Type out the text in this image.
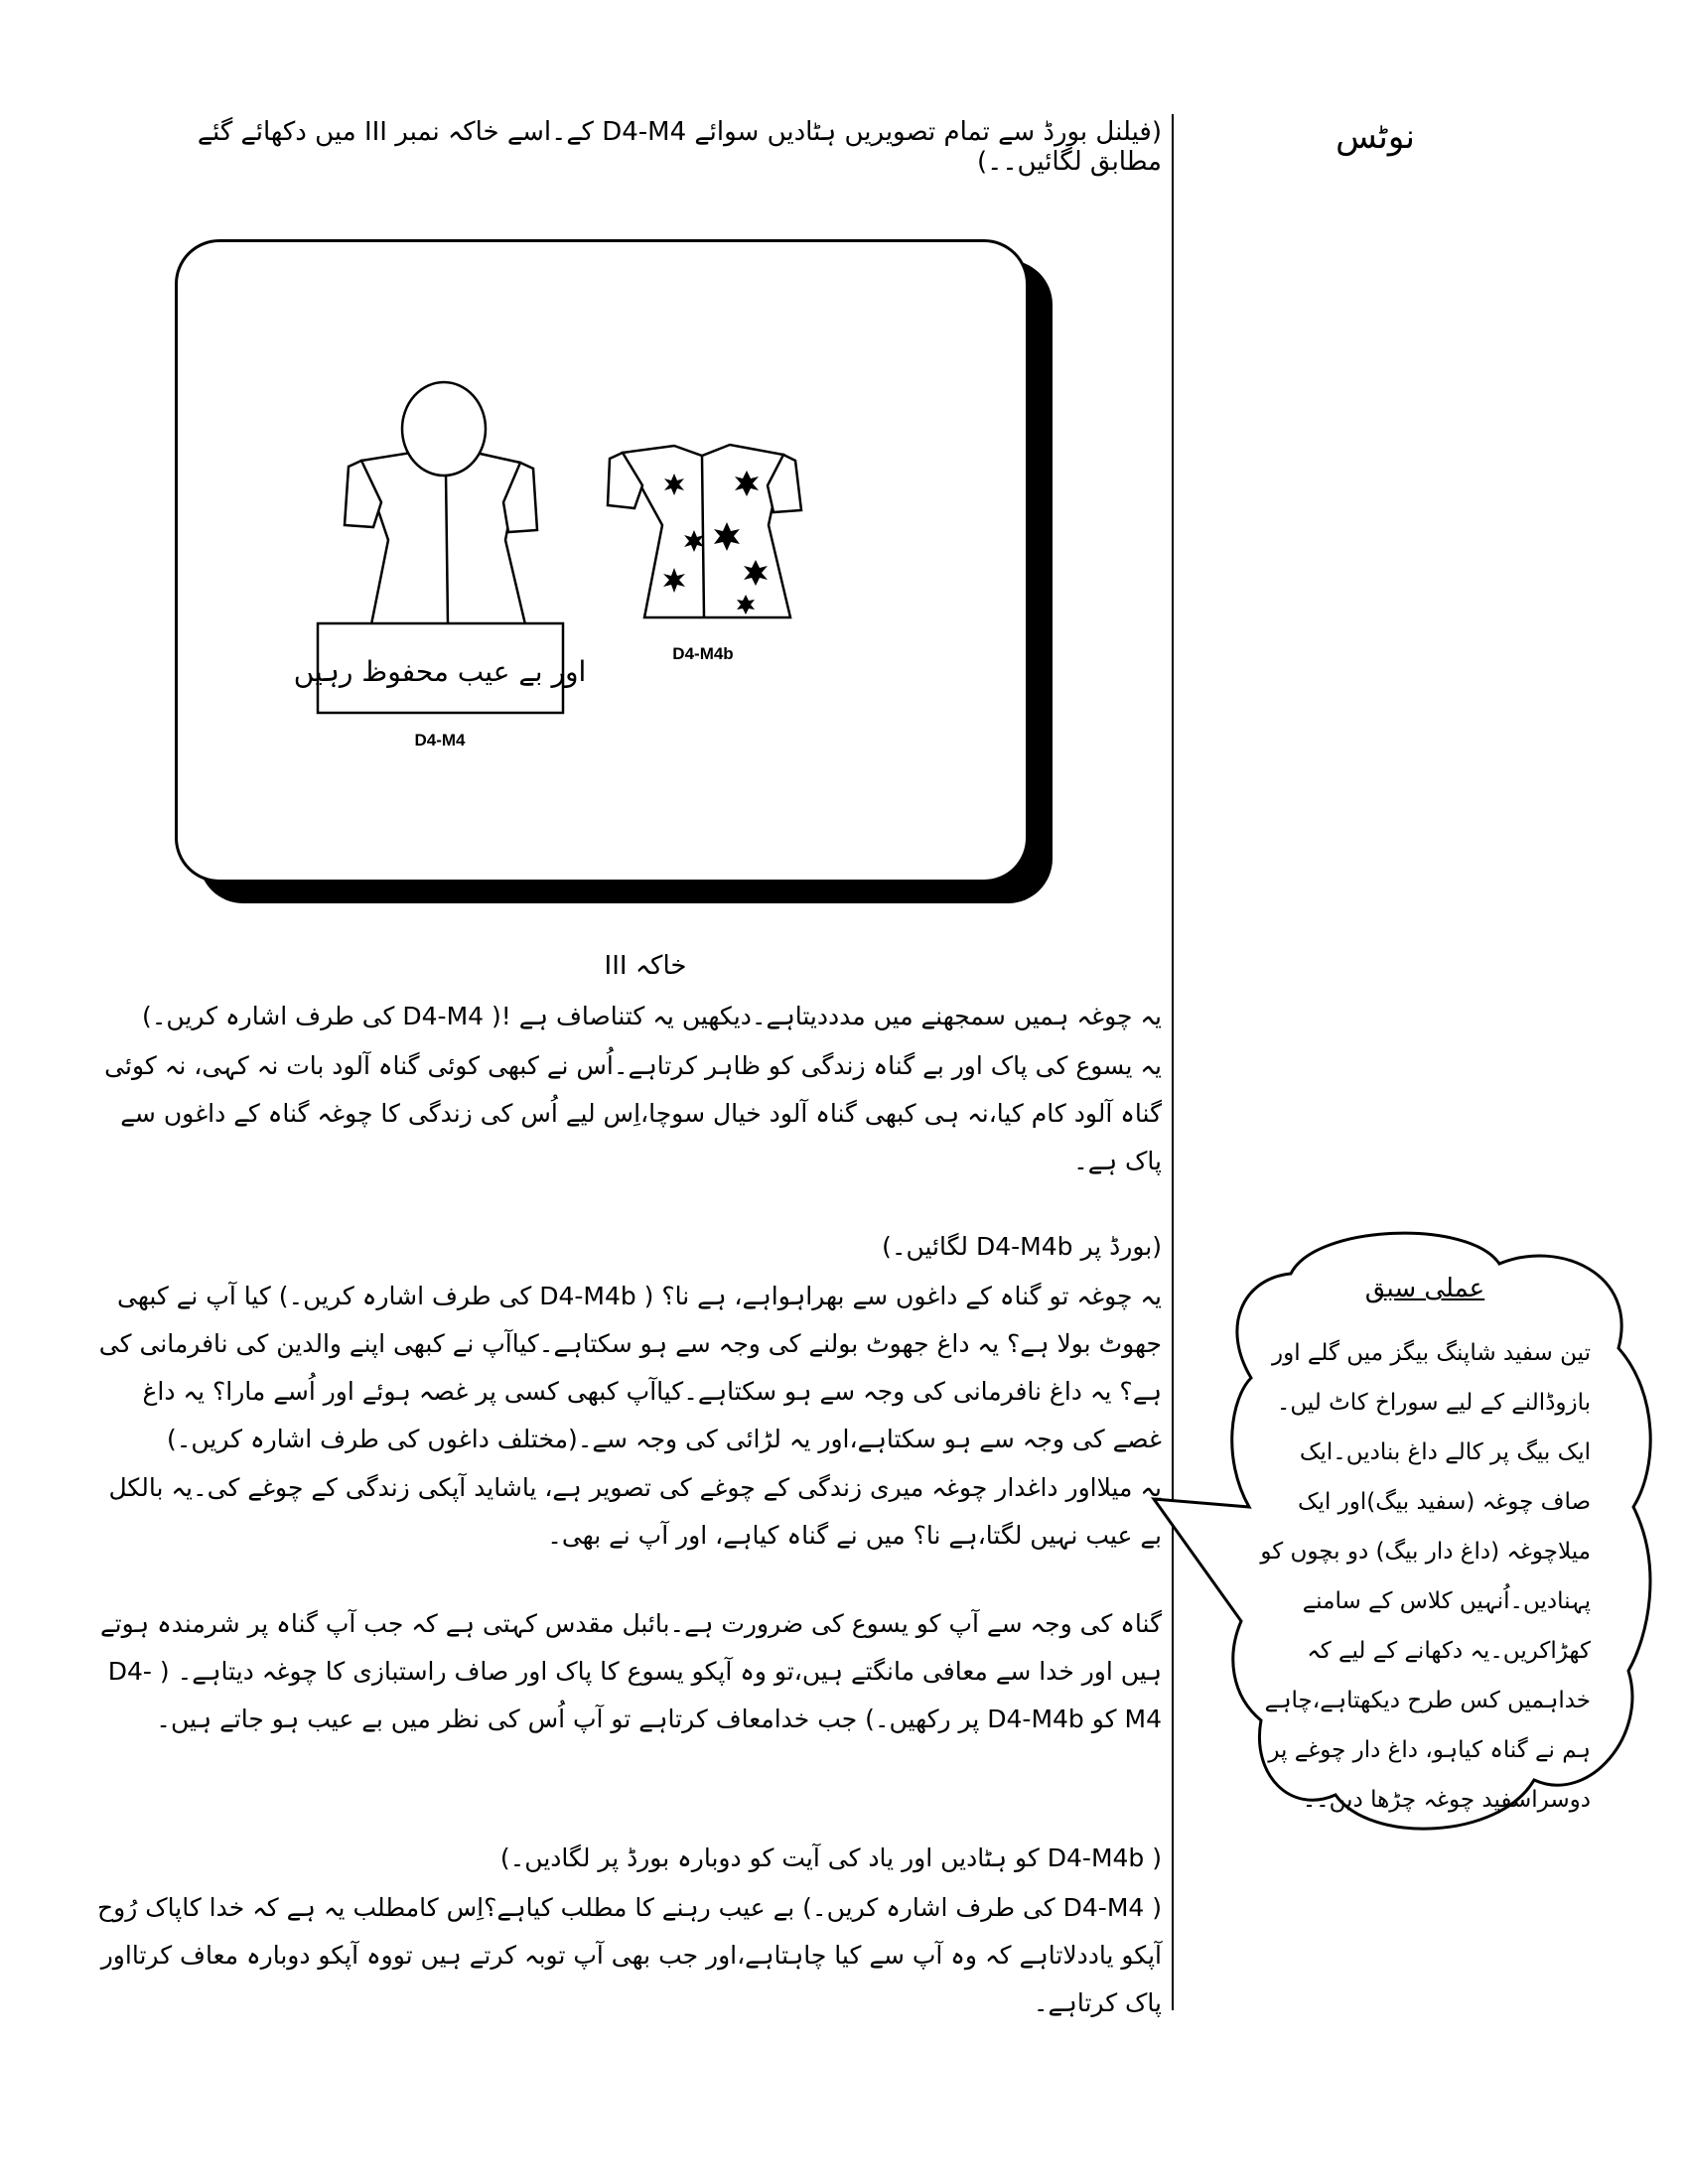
نوٹس
(فیلنل بورڈ سے تمام تصویریں ہٹادیں سوائے D4-M4 کے۔اسے خاکہ نمبر III میں دکھائے گئے مطابق لگائیں۔۔)
اور بے عیب محفوظ رہیں
D4-M4
D4-M4b
خاکہ III
یہ چوغہ ہمیں سمجھنے میں مدددیتاہے۔دیکھیں یہ کتناصاف ہے !( D4-M4 کی طرف اشارہ کریں۔)
یہ یسوع کی پاک اور بے گناہ زندگی کو ظاہر کرتاہے۔اُس نے کبھی کوئی گناہ آلود بات نہ کہی، نہ کوئی گناہ آلود کام کیا،نہ ہی کبھی گناہ آلود خیال سوچا،اِس لیے اُس کی زندگی کا چوغہ گناہ کے داغوں سے پاک ہے۔
(بورڈ پر D4-M4b لگائیں۔)
یہ چوغہ تو گناہ کے داغوں سے بھراہواہے، ہے نا؟ ( D4-M4b کی طرف اشارہ کریں۔) کیا آپ نے کبھی جھوٹ بولا ہے؟ یہ داغ جھوٹ بولنے کی وجہ سے ہو سکتاہے۔کیاآپ نے کبھی اپنے والدین کی نافرمانی کی ہے؟ یہ داغ نافرمانی کی وجہ سے ہو سکتاہے۔کیاآپ کبھی کسی پر غصہ ہوئے اور اُسے مارا؟ یہ داغ غصے کی وجہ سے ہو سکتاہے،اور یہ لڑائی کی وجہ سے۔(مختلف داغوں کی طرف اشارہ کریں۔)
یہ میلااور داغدار چوغہ میری زندگی کے چوغے کی تصویر ہے، یاشاید آپکی زندگی کے چوغے کی۔یہ بالکل بے عیب نہیں لگتا،ہے نا؟ میں نے گناہ کیاہے، اور آپ نے بھی۔
گناہ کی وجہ سے آپ کو یسوع کی ضرورت ہے۔بائبل مقدس کہتی ہے کہ جب آپ گناہ پر شرمندہ ہوتے ہیں اور خدا سے معافی مانگتے ہیں،تو وہ آپکو یسوع کا پاک اور صاف راستبازی کا چوغہ دیتاہے۔ ( D4-M4 کو D4-M4b پر رکھیں۔) جب خدامعاف کرتاہے تو آپ اُس کی نظر میں بے عیب ہو جاتے ہیں۔
( D4-M4b کو ہٹادیں اور یاد کی آیت کو دوبارہ بورڈ پر لگادیں۔)
( D4-M4 کی طرف اشارہ کریں۔) بے عیب رہنے کا مطلب کیاہے؟اِس کامطلب یہ ہے کہ خدا کاپاک رُوح آپکو یاددلاتاہے کہ وہ آپ سے کیا چاہتاہے،اور جب بھی آپ توبہ کرتے ہیں تووہ آپکو دوبارہ معاف کرتااور پاک کرتاہے۔
عملی سبق
تین سفید شاپنگ بیگز میں گلے اور بازوڈالنے کے لیے سوراخ کاٹ لیں۔ایک بیگ پر کالے داغ بنادیں۔ایک صاف چوغہ (سفید بیگ)اور ایک میلاچوغہ (داغ دار بیگ) دو بچوں کو پہنادیں۔اُنہیں کلاس کے سامنے کھڑاکریں۔یہ دکھانے کے لیے کہ خداہمیں کس طرح دیکھتاہے،چاہے ہم نے گناہ کیاہو، داغ دار چوغے پر دوسراسفید چوغہ چڑھا دیں۔۔
